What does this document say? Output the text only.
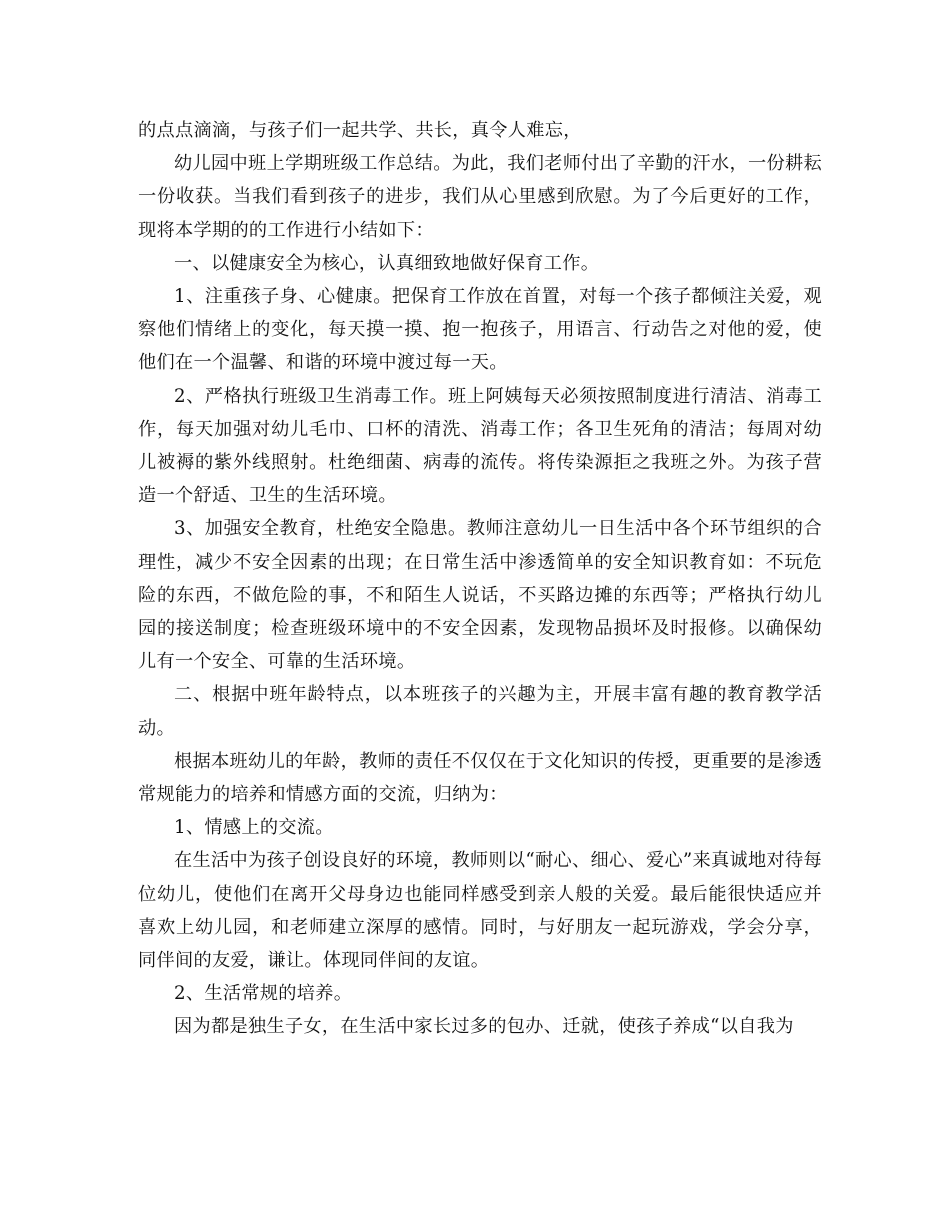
的点点滴滴，与孩子们一起共学、共长，真令人难忘，

幼儿园中班上学期班级工作总结。为此，我们老师付出了辛勤的汗水，一份耕耘一份收获。当我们看到孩子的进步，我们从心里感到欣慰。为了今后更好的工作，现将本学期的的工作进行小结如下：

一、以健康安全为核心，认真细致地做好保育工作。

1、注重孩子身、心健康。把保育工作放在首置，对每一个孩子都倾注关爱，观察他们情绪上的变化，每天摸一摸、抱一抱孩子，用语言、行动告之对他的爱，使他们在一个温馨、和谐的环境中渡过每一天。

2、严格执行班级卫生消毒工作。班上阿姨每天必须按照制度进行清洁、消毒工作，每天加强对幼儿毛巾、口杯的清洗、消毒工作；各卫生死角的清洁；每周对幼儿被褥的紫外线照射。杜绝细菌、病毒的流传。将传染源拒之我班之外。为孩子营造一个舒适、卫生的生活环境。

3、加强安全教育，杜绝安全隐患。教师注意幼儿一日生活中各个环节组织的合理性，减少不安全因素的出现；在日常生活中渗透简单的安全知识教育如：不玩危险的东西，不做危险的事，不和陌生人说话，不买路边摊的东西等；严格执行幼儿园的接送制度；检查班级环境中的不安全因素，发现物品损坏及时报修。以确保幼儿有一个安全、可靠的生活环境。

二、根据中班年龄特点，以本班孩子的兴趣为主，开展丰富有趣的教育教学活动。

根据本班幼儿的年龄，教师的责任不仅仅在于文化知识的传授，更重要的是渗透常规能力的培养和情感方面的交流，归纳为：

1、情感上的交流。

在生活中为孩子创设良好的环境，教师则以“耐心、细心、爱心”来真诚地对待每位幼儿，使他们在离开父母身边也能同样感受到亲人般的关爱。最后能很快适应并喜欢上幼儿园，和老师建立深厚的感情。同时，与好朋友一起玩游戏，学会分享，同伴间的友爱，谦让。体现同伴间的友谊。

2、生活常规的培养。

因为都是独生子女，在生活中家长过多的包办、迁就，使孩子养成“以自我为
